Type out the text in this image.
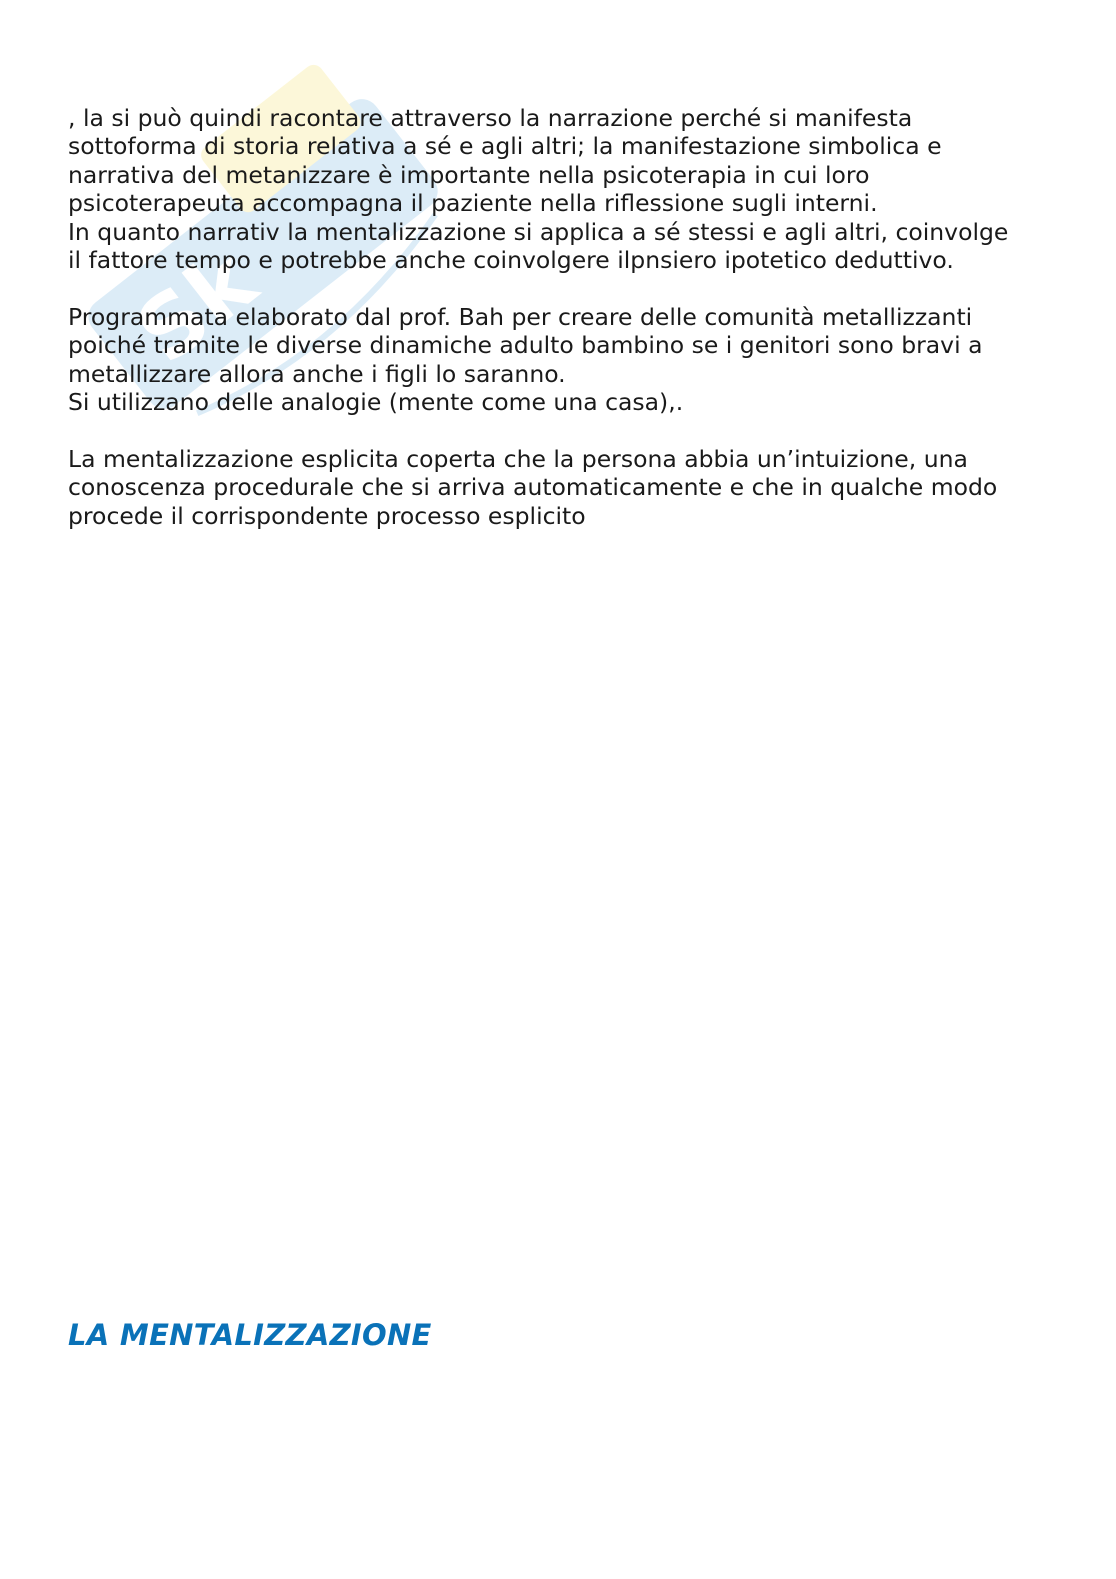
Sk

, la si può quindi racontare attraverso la narrazione perché si manifesta
sottoforma di storia relativa a sé e agli altri; la manifestazione simbolica e
narrativa del metanizzare è importante nella psicoterapia in cui loro
psicoterapeuta accompagna il paziente nella riflessione sugli interni.
In quanto narrativ la mentalizzazione si applica a sé stessi e agli altri, coinvolge
il fattore tempo e potrebbe anche coinvolgere ilpnsiero ipotetico deduttivo.

Programmata elaborato dal prof. Bah per creare delle comunità metallizzanti
poiché tramite le diverse dinamiche adulto bambino se i genitori sono bravi a
metallizzare allora anche i figli lo saranno.
Si utilizzano delle analogie (mente come una casa),.

La mentalizzazione esplicita coperta che la persona abbia un’intuizione, una
conoscenza procedurale che si arriva automaticamente e che in qualche modo
procede il corrispondente processo esplicito

LA MENTALIZZAZIONE
